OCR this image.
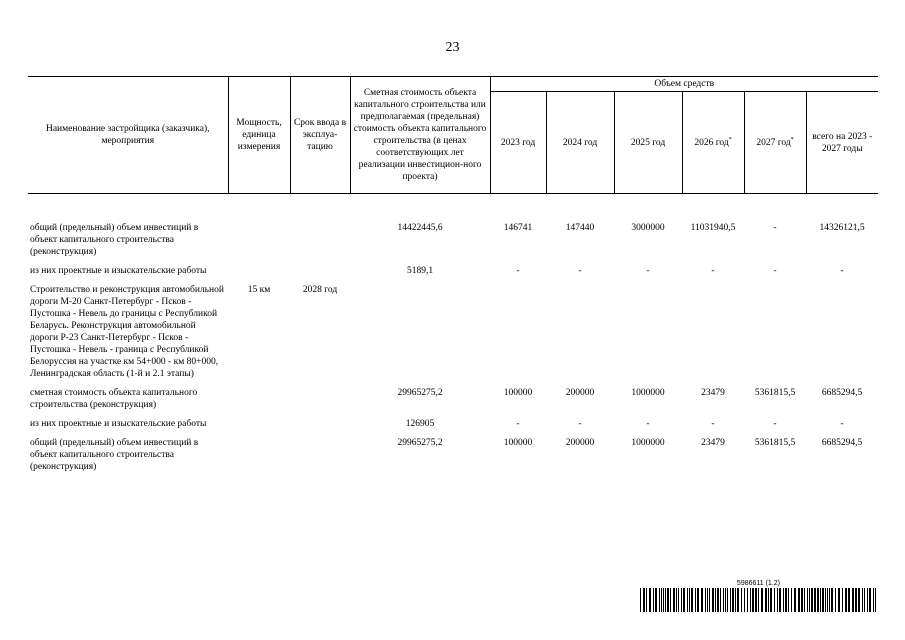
23
Наименование застройщика (заказчика), мероприятия	Мощность, единица измерения	Срок ввода в эксплуа-тацию	Сметная стоимость объекта капитального строительства или предполагаемая (предельная) стоимость объекта капитального строительства (в ценах соответствующих лет реализации инвестицион-ного проекта)	Объем средств					
				2023 год	2024 год	2025 год	2026 год*	2027 год*	всего на 2023 - 2027 годы

общий (предельный) объем инвестиций в объект капитального строительства (реконструкция)			14422445,6	146741	147440	3000000	11031940,5	-	14326121,5
из них проектные и изыскательские работы			5189,1	-	-	-	-	-	-
Строительство и реконструкция автомобильной дороги М-20 Санкт-Петербург - Псков - Пустошка - Невель до границы с Республикой Беларусь. Реконструкция автомобильной дороги Р-23 Санкт-Петербург - Псков - Пустошка - Невель - граница с Республикой Белоруссия на участке км 54+000 - км 80+000, Ленинградская область (1-й и 2.1 этапы)	15 км	2028 год							
сметная стоимость объекта капитального строительства (реконструкция)			29965275,2	100000	200000	1000000	23479	5361815,5	6685294,5
из них проектные и изыскательские работы			126905	-	-	-	-	-	-
общий (предельный) объем инвестиций в объект капитального строительства (реконструкция)			29965275,2	100000	200000	1000000	23479	5361815,5	6685294,5
5986611 (1.2)
